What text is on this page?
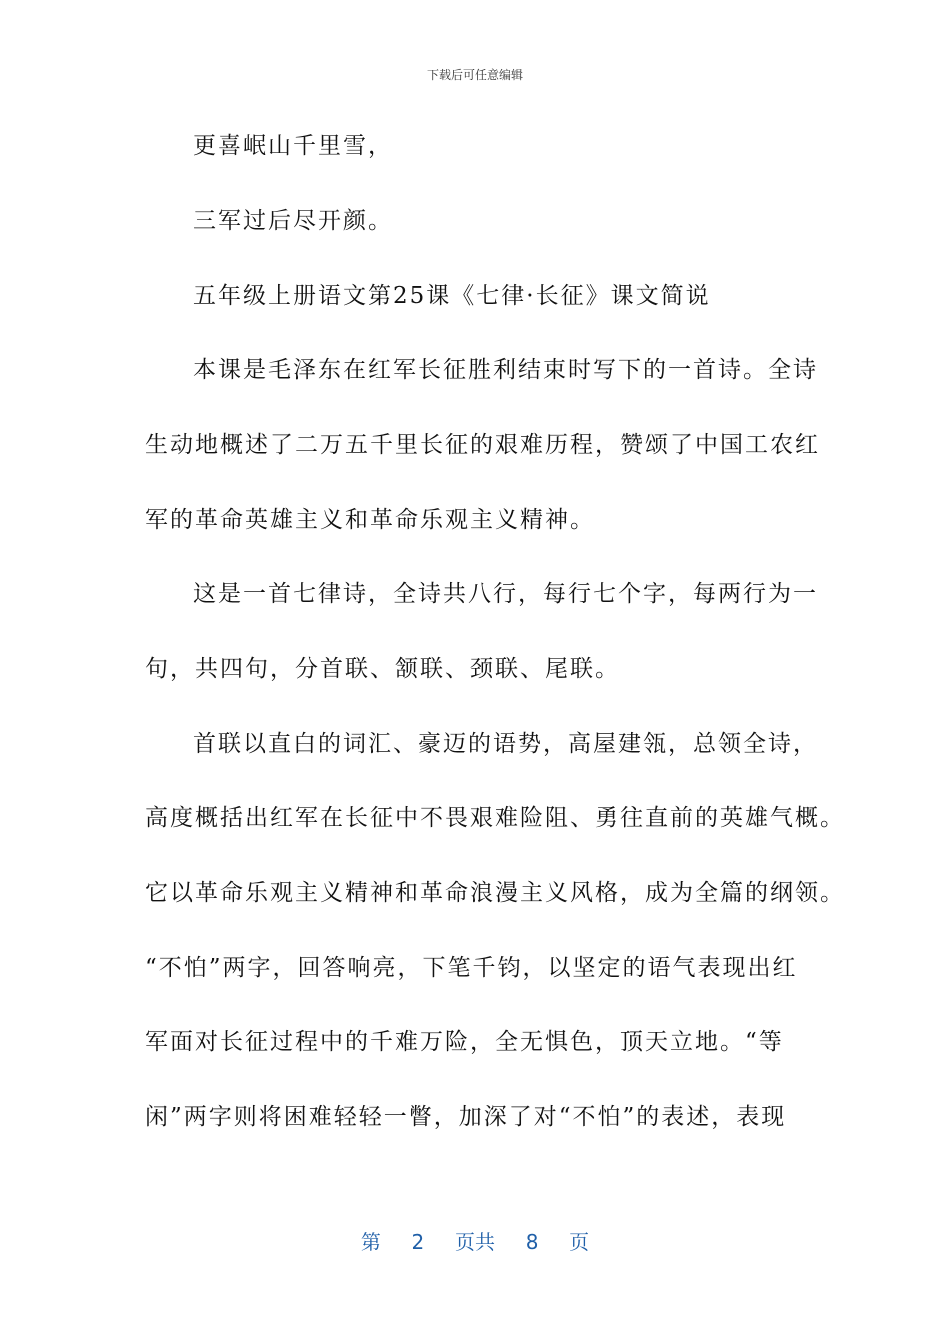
下载后可任意编辑

更喜岷山千里雪，

三军过后尽开颜。

五年级上册语文第25课《七律·长征》课文简说

本课是毛泽东在红军长征胜利结束时写下的一首诗。全诗

生动地概述了二万五千里长征的艰难历程，赞颂了中国工农红

军的革命英雄主义和革命乐观主义精神。

这是一首七律诗，全诗共八行，每行七个字，每两行为一

句，共四句，分首联、颔联、颈联、尾联。

首联以直白的词汇、豪迈的语势，高屋建瓴，总领全诗，

高度概括出红军在长征中不畏艰难险阻、勇往直前的英雄气概。

它以革命乐观主义精神和革命浪漫主义风格，成为全篇的纲领。

“不怕”两字，回答响亮，下笔千钧，以坚定的语气表现出红

军面对长征过程中的千难万险，全无惧色，顶天立地。“等

闲”两字则将困难轻轻一瞥，加深了对“不怕”的表述，表现

第 2 页共 8 页
